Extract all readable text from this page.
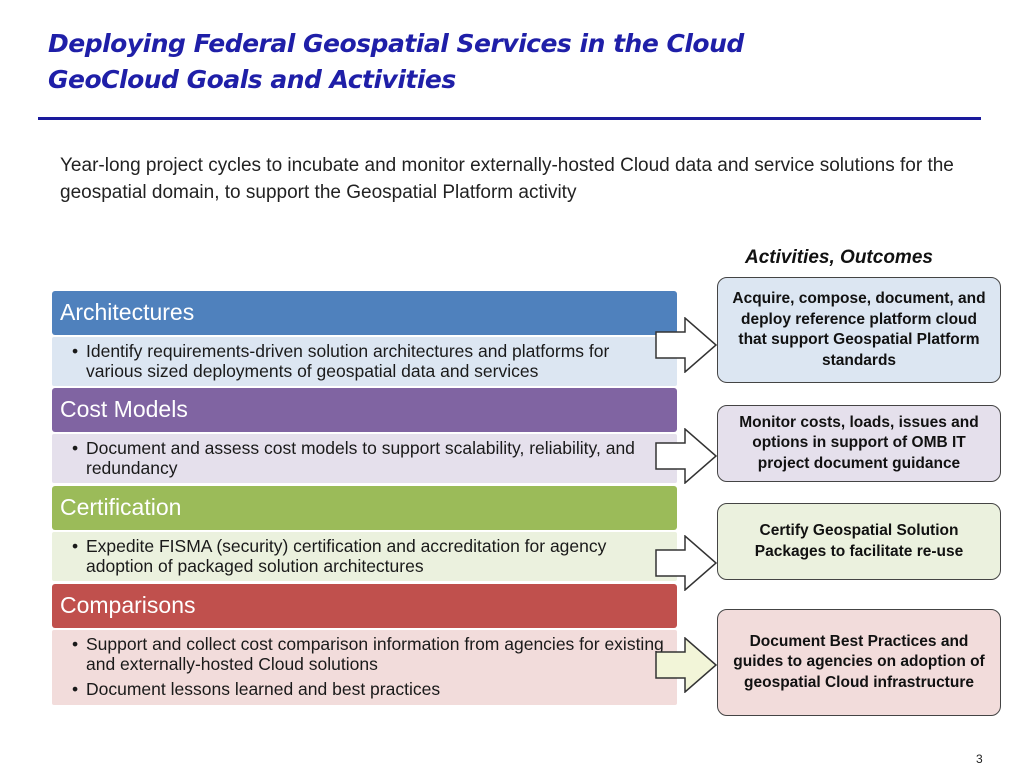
Deploying Federal Geospatial Services in the Cloud
GeoCloud Goals and Activities
Year-long project cycles to incubate and monitor externally-hosted Cloud data and service solutions for the geospatial domain, to support the Geospatial Platform activity
Activities, Outcomes
Architectures
• Identify requirements-driven solution architectures and platforms for various sized deployments of geospatial data and services
Cost Models
• Document and assess cost models to support scalability, reliability, and redundancy
Certification
• Expedite FISMA (security) certification and accreditation for agency adoption of packaged solution architectures
Comparisons
• Support and collect cost comparison information from agencies for existing and externally-hosted Cloud solutions
• Document lessons learned and best practices
Acquire, compose, document, and deploy reference platform cloud that support Geospatial Platform standards
Monitor costs, loads, issues and options in support of OMB IT project document guidance
Certify Geospatial Solution Packages to facilitate re-use
Document Best Practices and guides to agencies on adoption of geospatial Cloud infrastructure
3
